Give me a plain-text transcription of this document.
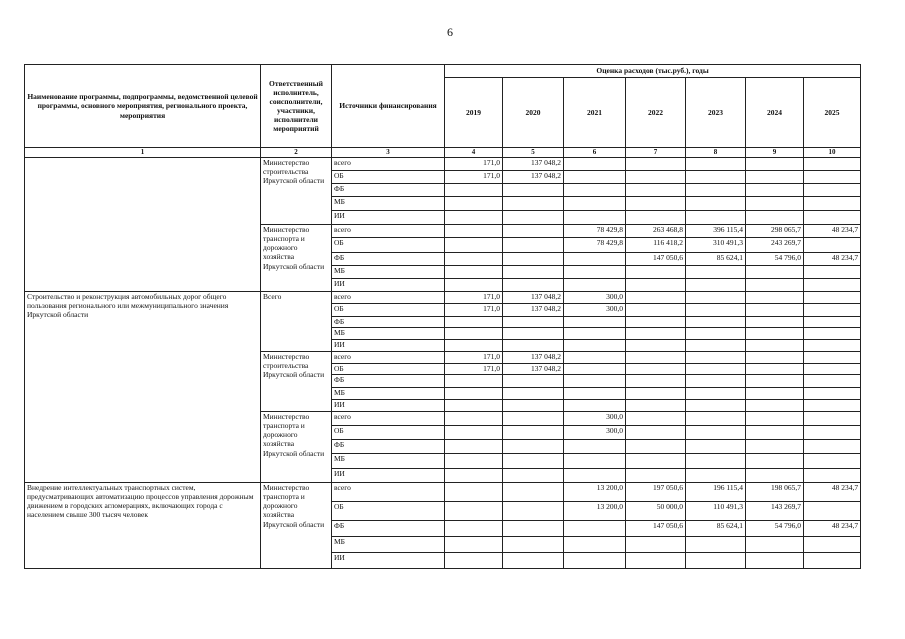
6
Наименование программы, подпрограммы, ведомственной целевой программы, основного мероприятия, регионального проекта, мероприятия	Ответственный исполнитель, соисполнители, участники, исполнители мероприятий	Источники финансирования	Оценка расходов (тыс.руб.), годы						
			2019	2020	2021	2022	2023	2024	2025
1	2	3	4	5	6	7	8	9	10
	Министерство строительства Иркутской области	всего	171,0	137 048,2					
		ОБ	171,0	137 048,2					
		ФБ							
		МБ							
		ИИ							
	Министерство транспорта и дорожного хозяйства Иркутской области	всего			78 429,8	263 468,8	396 115,4	298 065,7	48 234,7
		ОБ			78 429,8	116 418,2	310 491,3	243 269,7	
		ФБ				147 050,6	85 624,1	54 796,0	48 234,7
		МБ							
		ИИ							
Строительство и реконструкция автомобильных дорог общего пользования регионального или межмуниципального значения Иркутской области	Всего	всего	171,0	137 048,2	300,0				
		ОБ	171,0	137 048,2	300,0				
		ФБ							
		МБ							
		ИИ							
	Министерство строительства Иркутской области	всего	171,0	137 048,2					
		ОБ	171,0	137 048,2					
		ФБ							
		МБ							
		ИИ							
	Министерство транспорта и дорожного хозяйства Иркутской области	всего			300,0				
		ОБ			300,0				
		ФБ							
		МБ							
		ИИ							
Внедрение интеллектуальных транспортных систем, предусматривающих автоматизацию процессов управления дорожным движением в городских агломерациях, включающих города с населением свыше 300 тысяч человек	Министерство транспорта и дорожного хозяйства Иркутской области	всего			13 200,0	197 050,6	196 115,4	198 065,7	48 234,7
		ОБ			13 200,0	50 000,0	110 491,3	143 269,7	
		ФБ				147 050,6	85 624,1	54 796,0	48 234,7
		МБ							
		ИИ							
